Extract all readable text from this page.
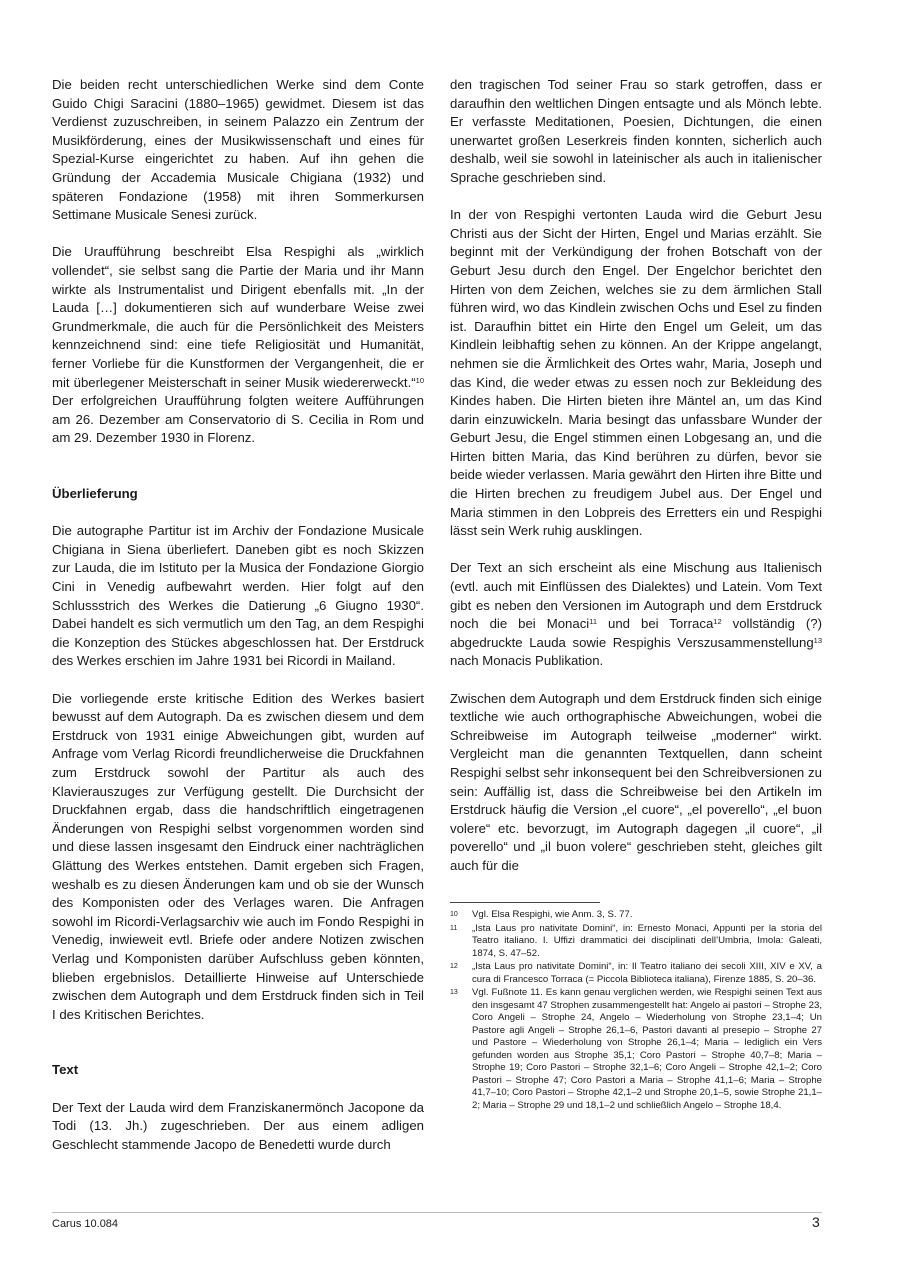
Die beiden recht unterschiedlichen Werke sind dem Conte Guido Chigi Saracini (1880–1965) gewidmet. Diesem ist das Verdienst zuzuschreiben, in seinem Palazzo ein Zentrum der Musikförderung, eines der Musikwissenschaft und eines für Spezial-Kurse eingerichtet zu haben. Auf ihn gehen die Gründung der Accademia Musicale Chigiana (1932) und späteren Fondazione (1958) mit ihren Sommerkursen Settimane Musicale Senesi zurück.

Die Uraufführung beschreibt Elsa Respighi als „wirklich vollendet“, sie selbst sang die Partie der Maria und ihr Mann wirkte als Instrumentalist und Dirigent ebenfalls mit. „In der Lauda […] dokumentieren sich auf wunderbare Weise zwei Grundmerkmale, die auch für die Persönlichkeit des Meisters kennzeichnend sind: eine tiefe Religiosität und Humanität, ferner Vorliebe für die Kunstformen der Vergangenheit, die er mit überlegener Meisterschaft in seiner Musik wiedererweckt.“$^{10}$ Der erfolgreichen Uraufführung folgten weitere Aufführungen am 26. Dezember am Conservatorio di S. Cecilia in Rom und am 29. Dezember 1930 in Florenz.

Überlieferung

Die autographe Partitur ist im Archiv der Fondazione Musicale Chigiana in Siena überliefert. Daneben gibt es noch Skizzen zur Lauda, die im Istituto per la Musica der Fondazione Giorgio Cini in Venedig aufbewahrt werden. Hier folgt auf den Schlussstrich des Werkes die Datierung „6 Giugno 1930“. Dabei handelt es sich vermutlich um den Tag, an dem Respighi die Konzeption des Stückes abgeschlossen hat. Der Erstdruck des Werkes erschien im Jahre 1931 bei Ricordi in Mailand.

Die vorliegende erste kritische Edition des Werkes basiert bewusst auf dem Autograph. Da es zwischen diesem und dem Erstdruck von 1931 einige Abweichungen gibt, wurden auf Anfrage vom Verlag Ricordi freundlicherweise die Druckfahnen zum Erstdruck sowohl der Partitur als auch des Klavierauszuges zur Verfügung gestellt. Die Durchsicht der Druckfahnen ergab, dass die handschriftlich eingetragenen Änderungen von Respighi selbst vorgenommen worden sind und diese lassen insgesamt den Eindruck einer nachträglichen Glättung des Werkes entstehen. Damit ergeben sich Fragen, weshalb es zu diesen Änderungen kam und ob sie der Wunsch des Komponisten oder des Verlages waren. Die Anfragen sowohl im Ricordi-Verlagsarchiv wie auch im Fondo Respighi in Venedig, inwieweit evtl. Briefe oder andere Notizen zwischen Verlag und Komponisten darüber Aufschluss geben könnten, blieben ergebnislos. Detaillierte Hinweise auf Unterschiede zwischen dem Autograph und dem Erstdruck finden sich in Teil I des Kritischen Berichtes.

Text

Der Text der Lauda wird dem Franziskanermönch Jacopone da Todi (13. Jh.) zugeschrieben. Der aus einem adligen Geschlecht stammende Jacopo de Benedetti wurde durch

den tragischen Tod seiner Frau so stark getroffen, dass er daraufhin den weltlichen Dingen entsagte und als Mönch lebte. Er verfasste Meditationen, Poesien, Dichtungen, die einen unerwartet großen Leserkreis finden konnten, sicherlich auch deshalb, weil sie sowohl in lateinischer als auch in italienischer Sprache geschrieben sind.

In der von Respighi vertonten Lauda wird die Geburt Jesu Christi aus der Sicht der Hirten, Engel und Marias erzählt. Sie beginnt mit der Verkündigung der frohen Botschaft von der Geburt Jesu durch den Engel. Der Engelchor berichtet den Hirten von dem Zeichen, welches sie zu dem ärmlichen Stall führen wird, wo das Kindlein zwischen Ochs und Esel zu finden ist. Daraufhin bittet ein Hirte den Engel um Geleit, um das Kindlein leibhaftig sehen zu können. An der Krippe angelangt, nehmen sie die Ärmlichkeit des Ortes wahr, Maria, Joseph und das Kind, die weder etwas zu essen noch zur Bekleidung des Kindes haben. Die Hirten bieten ihre Mäntel an, um das Kind darin einzuwickeln. Maria besingt das unfassbare Wunder der Geburt Jesu, die Engel stimmen einen Lobgesang an, und die Hirten bitten Maria, das Kind berühren zu dürfen, bevor sie beide wieder verlassen. Maria gewährt den Hirten ihre Bitte und die Hirten brechen zu freudigem Jubel aus. Der Engel und Maria stimmen in den Lobpreis des Erretters ein und Respighi lässt sein Werk ruhig ausklingen.

Der Text an sich erscheint als eine Mischung aus Italienisch (evtl. auch mit Einflüssen des Dialektes) und Latein. Vom Text gibt es neben den Versionen im Autograph und dem Erstdruck noch die bei Monaci$^{11}$ und bei Torraca$^{12}$ vollständig (?) abgedruckte Lauda sowie Respighis Verszusammenstellung$^{13}$ nach Monacis Publikation.

Zwischen dem Autograph und dem Erstdruck finden sich einige textliche wie auch orthographische Abweichungen, wobei die Schreibweise im Autograph teilweise „moderner“ wirkt. Vergleicht man die genannten Textquellen, dann scheint Respighi selbst sehr inkonsequent bei den Schreibversionen zu sein: Auffällig ist, dass die Schreibweise bei den Artikeln im Erstdruck häufig die Version „el cuore“, „el poverello“, „el buon volere“ etc. bevorzugt, im Autograph dagegen „il cuore“, „il poverello“ und „il buon volere“ geschrieben steht, gleiches gilt auch für die

10 Vgl. Elsa Respighi, wie Anm. 3, S. 77.
11 „Ista Laus pro nativitate Domini“, in: Ernesto Monaci, Appunti per la storia del Teatro italiano. I. Uffizi drammatici dei disciplinati dell’Umbria, Imola: Galeati, 1874, S. 47–52.
12 „Ista Laus pro nativitate Domini“, in: Il Teatro italiano dei secoli XIII, XIV e XV, a cura di Francesco Torraca (= Piccola Biblioteca italiana), Firenze 1885, S. 20–36.
13 Vgl. Fußnote 11. Es kann genau verglichen werden, wie Respighi seinen Text aus den insgesamt 47 Strophen zusammengestellt hat: Angelo ai pastori – Strophe 23, Coro Angeli – Strophe 24, Angelo – Wiederholung von Strophe 23,1–4; Un Pastore agli Angeli – Strophe 26,1–6, Pastori davanti al presepio – Strophe 27 und Pastore – Wiederholung von Strophe 26,1–4; Maria – lediglich ein Vers gefunden worden aus Strophe 35,1; Coro Pastori – Strophe 40,7–8; Maria – Strophe 19; Coro Pastori – Strophe 32,1–6; Coro Angeli – Strophe 42,1–2; Coro Pastori – Strophe 47; Coro Pastori a Maria – Strophe 41,1–6; Maria – Strophe 41,7–10; Coro Pastori – Strophe 42,1–2 und Strophe 20,1–5, sowie Strophe 21,1–2; Maria – Strophe 29 und 18,1–2 und schließlich Angelo – Strophe 18,4.
Carus 10.084	3
